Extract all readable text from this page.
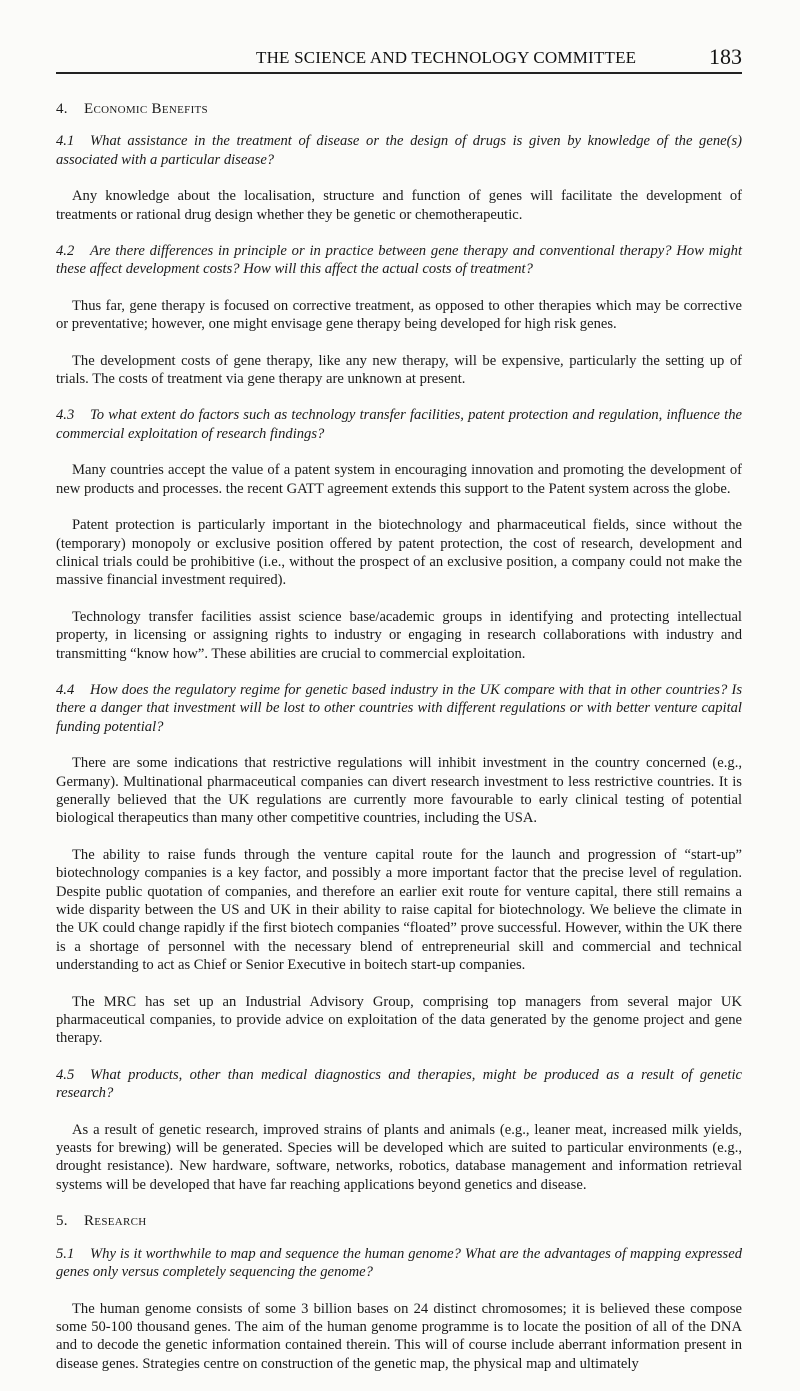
THE SCIENCE AND TECHNOLOGY COMMITTEE	183
4. Economic Benefits
4.1 What assistance in the treatment of disease or the design of drugs is given by knowledge of the gene(s) associated with a particular disease?

Any knowledge about the localisation, structure and function of genes will facilitate the development of treatments or rational drug design whether they be genetic or chemotherapeutic.

4.2 Are there differences in principle or in practice between gene therapy and conventional therapy? How might these affect development costs? How will this affect the actual costs of treatment?

Thus far, gene therapy is focused on corrective treatment, as opposed to other therapies which may be corrective or preventative; however, one might envisage gene therapy being developed for high risk genes.

The development costs of gene therapy, like any new therapy, will be expensive, particularly the setting up of trials. The costs of treatment via gene therapy are unknown at present.

4.3 To what extent do factors such as technology transfer facilities, patent protection and regulation, influence the commercial exploitation of research findings?

Many countries accept the value of a patent system in encouraging innovation and promoting the development of new products and processes. the recent GATT agreement extends this support to the Patent system across the globe.

Patent protection is particularly important in the biotechnology and pharmaceutical fields, since without the (temporary) monopoly or exclusive position offered by patent protection, the cost of research, development and clinical trials could be prohibitive (i.e., without the prospect of an exclusive position, a company could not make the massive financial investment required).

Technology transfer facilities assist science base/academic groups in identifying and protecting intellectual property, in licensing or assigning rights to industry or engaging in research collaborations with industry and transmitting “know how”. These abilities are crucial to commercial exploitation.

4.4 How does the regulatory regime for genetic based industry in the UK compare with that in other countries? Is there a danger that investment will be lost to other countries with different regulations or with better venture capital funding potential?

There are some indications that restrictive regulations will inhibit investment in the country concerned (e.g., Germany). Multinational pharmaceutical companies can divert research investment to less restrictive countries. It is generally believed that the UK regulations are currently more favourable to early clinical testing of potential biological therapeutics than many other competitive countries, including the USA.

The ability to raise funds through the venture capital route for the launch and progression of “start-up” biotechnology companies is a key factor, and possibly a more important factor that the precise level of regulation. Despite public quotation of companies, and therefore an earlier exit route for venture capital, there still remains a wide disparity between the US and UK in their ability to raise capital for biotechnology. We believe the climate in the UK could change rapidly if the first biotech companies “floated” prove successful. However, within the UK there is a shortage of personnel with the necessary blend of entrepreneurial skill and commercial and technical understanding to act as Chief or Senior Executive in boitech start-up companies.

The MRC has set up an Industrial Advisory Group, comprising top managers from several major UK pharmaceutical companies, to provide advice on exploitation of the data generated by the genome project and gene therapy.

4.5 What products, other than medical diagnostics and therapies, might be produced as a result of genetic research?

As a result of genetic research, improved strains of plants and animals (e.g., leaner meat, increased milk yields, yeasts for brewing) will be generated. Species will be developed which are suited to particular environments (e.g., drought resistance). New hardware, software, networks, robotics, database management and information retrieval systems will be developed that have far reaching applications beyond genetics and disease.

5. Research
5.1 Why is it worthwhile to map and sequence the human genome? What are the advantages of mapping expressed genes only versus completely sequencing the genome?

The human genome consists of some 3 billion bases on 24 distinct chromosomes; it is believed these compose some 50-100 thousand genes. The aim of the human genome programme is to locate the position of all of the DNA and to decode the genetic information contained therein. This will of course include aberrant information present in disease genes. Strategies centre on construction of the genetic map, the physical map and ultimately
